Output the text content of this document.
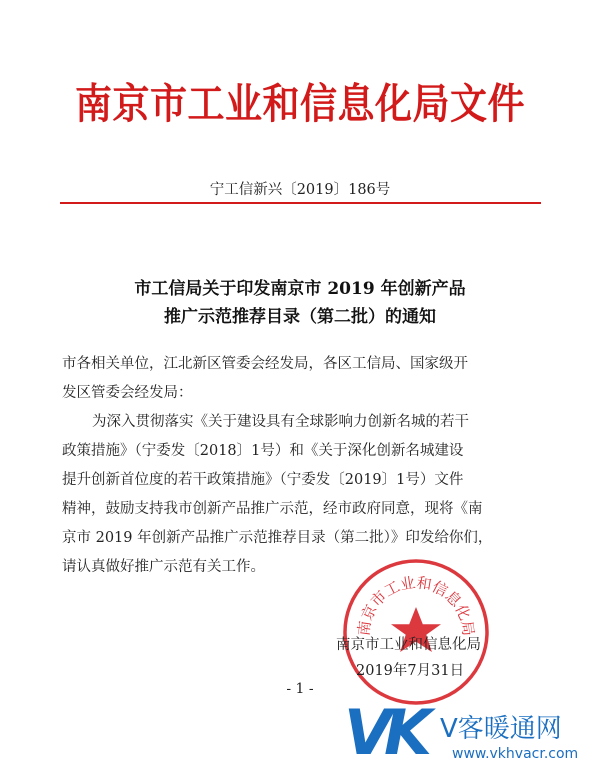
南京市工业和信息化局文件
宁工信新兴〔2019〕186号
市工信局关于印发南京市 2019 年创新产品
推广示范推荐目录（第二批）的通知
市各相关单位，江北新区管委会经发局，各区工信局、国家级开
发区管委会经发局：
为深入贯彻落实《关于建设具有全球影响力创新名城的若干
政策措施》（宁委发〔2018〕1号）和《关于深化创新名城建设
提升创新首位度的若干政策措施》（宁委发〔2019〕1号）文件
精神，鼓励支持我市创新产品推广示范，经市政府同意，现将《南
京市 2019 年创新产品推广示范推荐目录（第二批）》印发给你们，
请认真做好推广示范有关工作。
南京市工业和信息化局
南京市工业和信息化局
2019年7月31日
- 1 -
V
K V客暖通网
www.vkhvacr.com
